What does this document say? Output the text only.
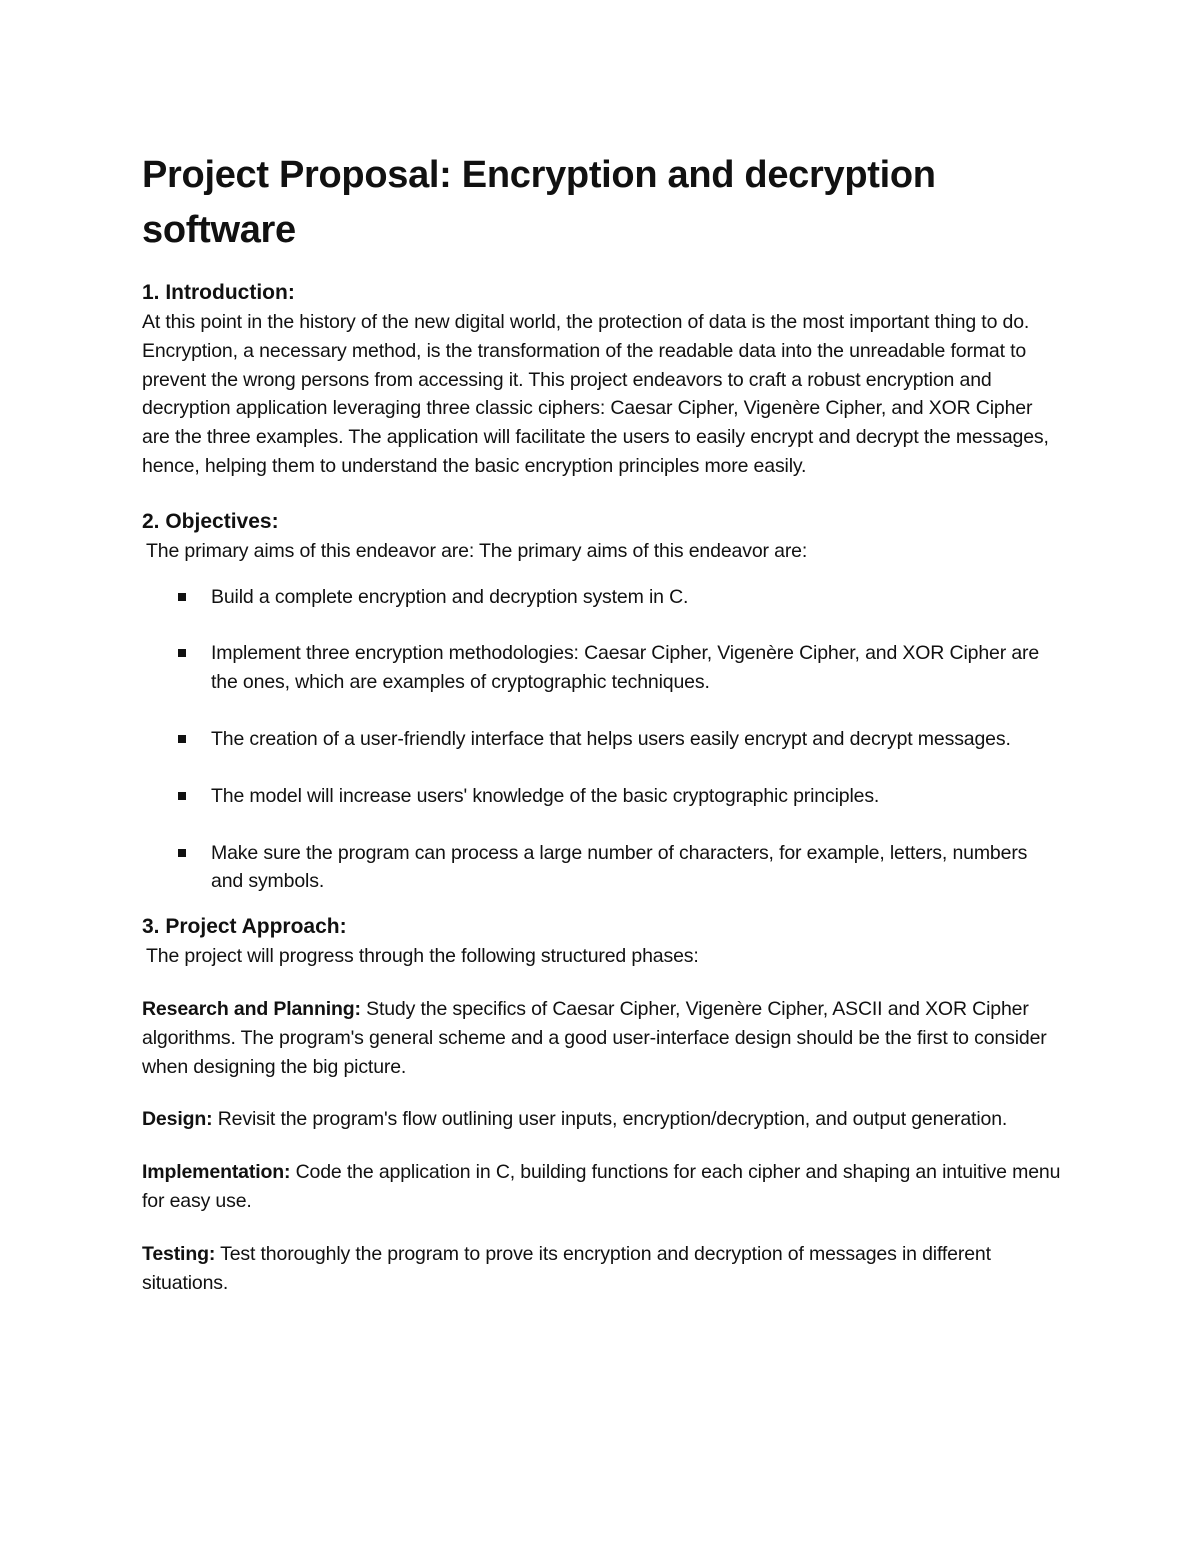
Project Proposal: Encryption and decryption software
1. Introduction:

At this point in the history of the new digital world, the protection of data is the most important thing to do. Encryption, a necessary method, is the transformation of the readable data into the unreadable format to prevent the wrong persons from accessing it. This project endeavors to craft a robust encryption and decryption application leveraging three classic ciphers: Caesar Cipher, Vigenère Cipher, and XOR Cipher are the three examples. The application will facilitate the users to easily encrypt and decrypt the messages, hence, helping them to understand the basic encryption principles more easily.

2. Objectives:

The primary aims of this endeavor are: The primary aims of this endeavor are:

Build a complete encryption and decryption system in C.
Implement three encryption methodologies: Caesar Cipher, Vigenère Cipher, and XOR Cipher are the ones, which are examples of cryptographic techniques.
The creation of a user-friendly interface that helps users easily encrypt and decrypt messages.
The model will increase users' knowledge of the basic cryptographic principles.
Make sure the program can process a large number of characters, for example, letters, numbers and symbols.
3. Project Approach:

The project will progress through the following structured phases:

Research and Planning: Study the specifics of Caesar Cipher, Vigenère Cipher, ASCII and XOR Cipher algorithms. The program's general scheme and a good user-interface design should be the first to consider when designing the big picture.

Design: Revisit the program's flow outlining user inputs, encryption/decryption, and output generation.

Implementation: Code the application in C, building functions for each cipher and shaping an intuitive menu for easy use.

Testing: Test thoroughly the program to prove its encryption and decryption of messages in different situations.
